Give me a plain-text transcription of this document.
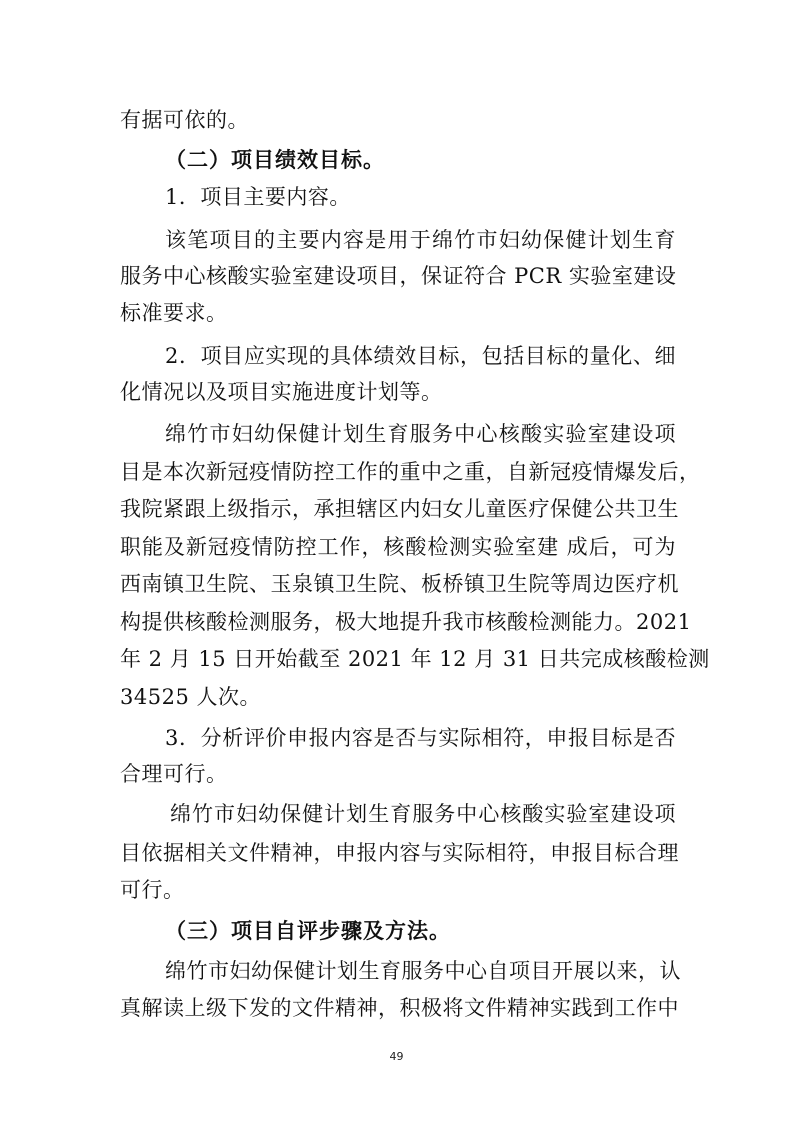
有据可依的。
（二）项目绩效目标。
1．项目主要内容。
该笔项目的主要内容是用于绵竹市妇幼保健计划生育
服务中心核酸实验室建设项目，保证符合 PCR 实验室建设
标准要求。
2．项目应实现的具体绩效目标，包括目标的量化、细
化情况以及项目实施进度计划等。
绵竹市妇幼保健计划生育服务中心核酸实验室建设项
目是本次新冠疫情防控工作的重中之重，自新冠疫情爆发后，
我院紧跟上级指示，承担辖区内妇女儿童医疗保健公共卫生
职能及新冠疫情防控工作，核酸检测实验室建 成后，可为
西南镇卫生院、玉泉镇卫生院、板桥镇卫生院等周边医疗机
构提供核酸检测服务，极大地提升我市核酸检测能力。2021
年 2 月 15 日开始截至 2021 年 12 月 31 日共完成核酸检测
34525 人次。
3．分析评价申报内容是否与实际相符，申报目标是否
合理可行。
绵竹市妇幼保健计划生育服务中心核酸实验室建设项
目依据相关文件精神，申报内容与实际相符，申报目标合理
可行。
（三）项目自评步骤及方法。
绵竹市妇幼保健计划生育服务中心自项目开展以来，认
真解读上级下发的文件精神，积极将文件精神实践到工作中
49
